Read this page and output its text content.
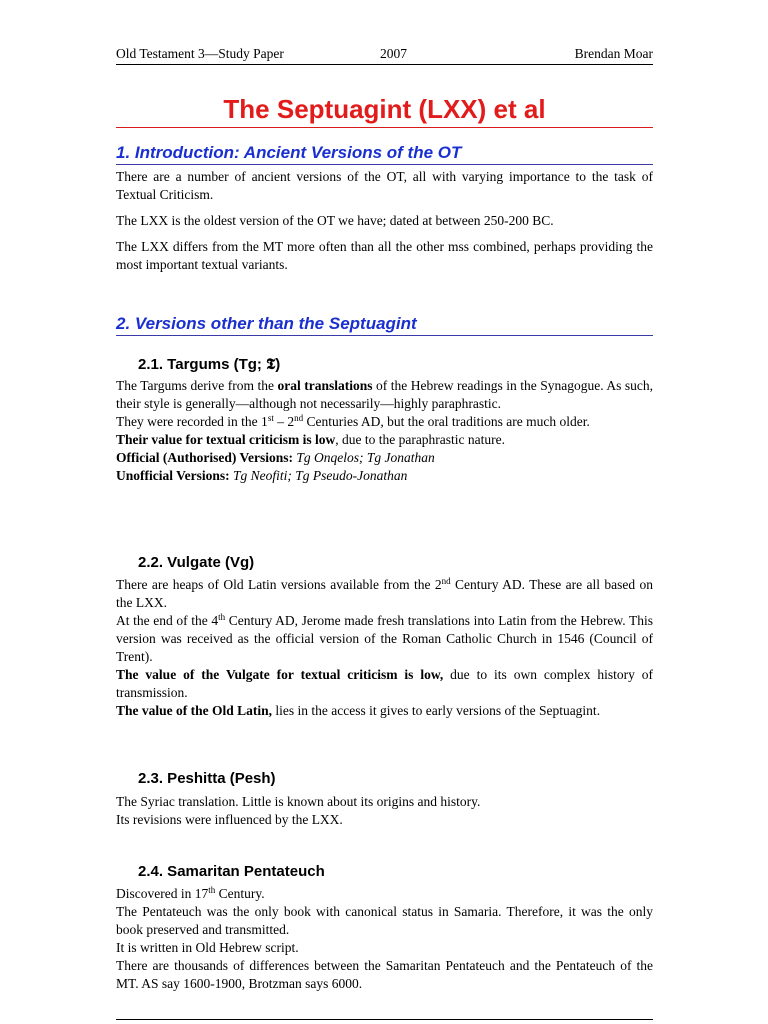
Old Testament 3—Study Paper	2007	Brendan Moar
The Septuagint (LXX) et al
1. Introduction: Ancient Versions of the OT

There are a number of ancient versions of the OT, all with varying importance to the task of Textual Criticism.

The LXX is the oldest version of the OT we have; dated at between 250-200 BC.

The LXX differs from the MT more often than all the other mss combined, perhaps providing the most important textual variants.

2. Versions other than the Septuagint
2.1. Targums (Tg; 𝕿)

The Targums derive from the oral translations of the Hebrew readings in the Synagogue. As such, their style is generally—although not necessarily—highly paraphrastic.

They were recorded in the 1st – 2nd Centuries AD, but the oral traditions are much older.

Their value for textual criticism is low, due to the paraphrastic nature.

Official (Authorised) Versions: Tg Onqelos; Tg Jonathan

Unofficial Versions: Tg Neofiti; Tg Pseudo-Jonathan

2.2. Vulgate (Vg)

There are heaps of Old Latin versions available from the 2nd Century AD. These are all based on the LXX.

At the end of the 4th Century AD, Jerome made fresh translations into Latin from the Hebrew. This version was received as the official version of the Roman Catholic Church in 1546 (Council of Trent).

The value of the Vulgate for textual criticism is low, due to its own complex history of transmission.

The value of the Old Latin, lies in the access it gives to early versions of the Septuagint.

2.3. Peshitta (Pesh)

The Syriac translation. Little is known about its origins and history.

Its revisions were influenced by the LXX.

2.4. Samaritan Pentateuch

Discovered in 17th Century.

The Pentateuch was the only book with canonical status in Samaria. Therefore, it was the only book preserved and transmitted.

It is written in Old Hebrew script.

There are thousands of differences between the Samaritan Pentateuch and the Pentateuch of the MT. AS say 1600-1900, Brotzman says 6000.
